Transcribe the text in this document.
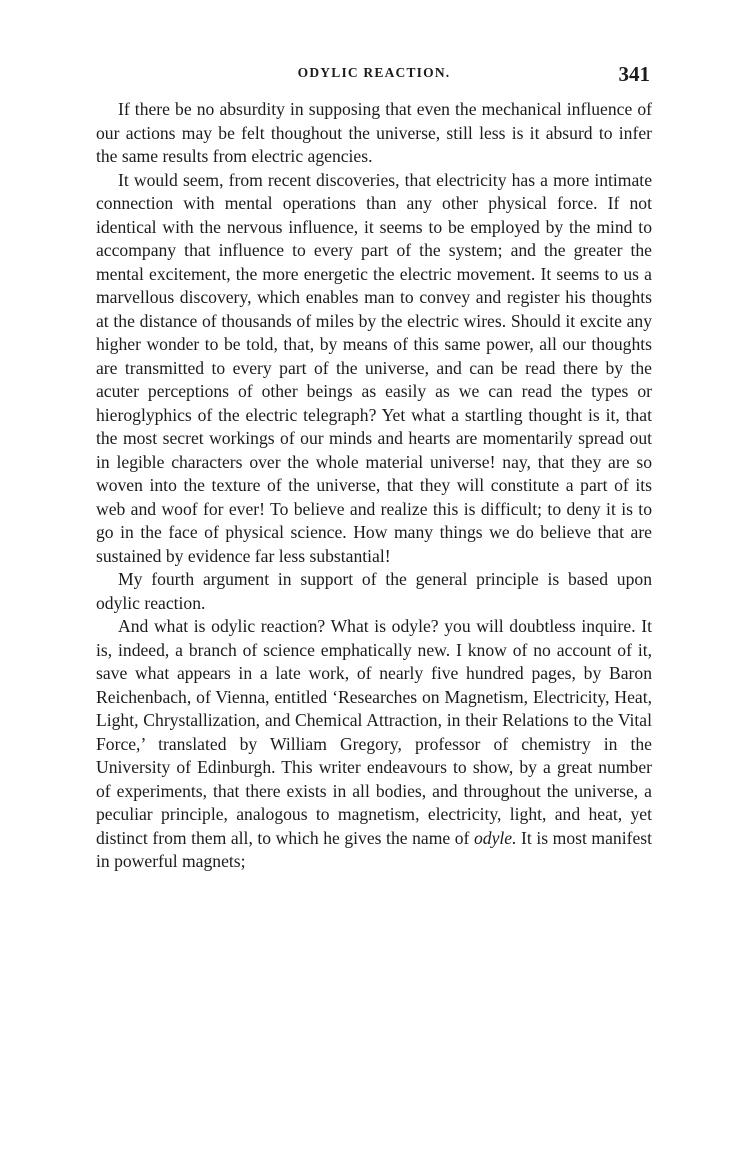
ODYLIC REACTION.	341

If there be no absurdity in supposing that even the mechanical influence of our actions may be felt thoughout the universe, still less is it absurd to infer the same results from electric agencies.

It would seem, from recent discoveries, that electricity has a more intimate connection with mental operations than any other physical force. If not identical with the nervous influence, it seems to be employed by the mind to accompany that influence to every part of the system; and the greater the mental excitement, the more energetic the electric movement. It seems to us a marvellous discovery, which enables man to convey and register his thoughts at the distance of thousands of miles by the electric wires. Should it excite any higher wonder to be told, that, by means of this same power, all our thoughts are transmitted to every part of the universe, and can be read there by the acuter perceptions of other beings as easily as we can read the types or hieroglyphics of the electric telegraph? Yet what a startling thought is it, that the most secret workings of our minds and hearts are momentarily spread out in legible characters over the whole material universe! nay, that they are so woven into the texture of the universe, that they will constitute a part of its web and woof for ever! To believe and realize this is difficult; to deny it is to go in the face of physical science. How many things we do believe that are sustained by evidence far less substantial!

My fourth argument in support of the general principle is based upon odylic reaction.

And what is odylic reaction? What is odyle? you will doubtless inquire. It is, indeed, a branch of science emphatically new. I know of no account of it, save what appears in a late work, of nearly five hundred pages, by Baron Reichenbach, of Vienna, entitled ‘Researches on Magnetism, Electricity, Heat, Light, Chrystallization, and Chemical Attraction, in their Relations to the Vital Force,’ translated by William Gregory, professor of chemistry in the University of Edinburgh. This writer endeavours to show, by a great number of experiments, that there exists in all bodies, and throughout the universe, a peculiar principle, analogous to magnetism, electricity, light, and heat, yet distinct from them all, to which he gives the name of odyle. It is most manifest in powerful magnets;
